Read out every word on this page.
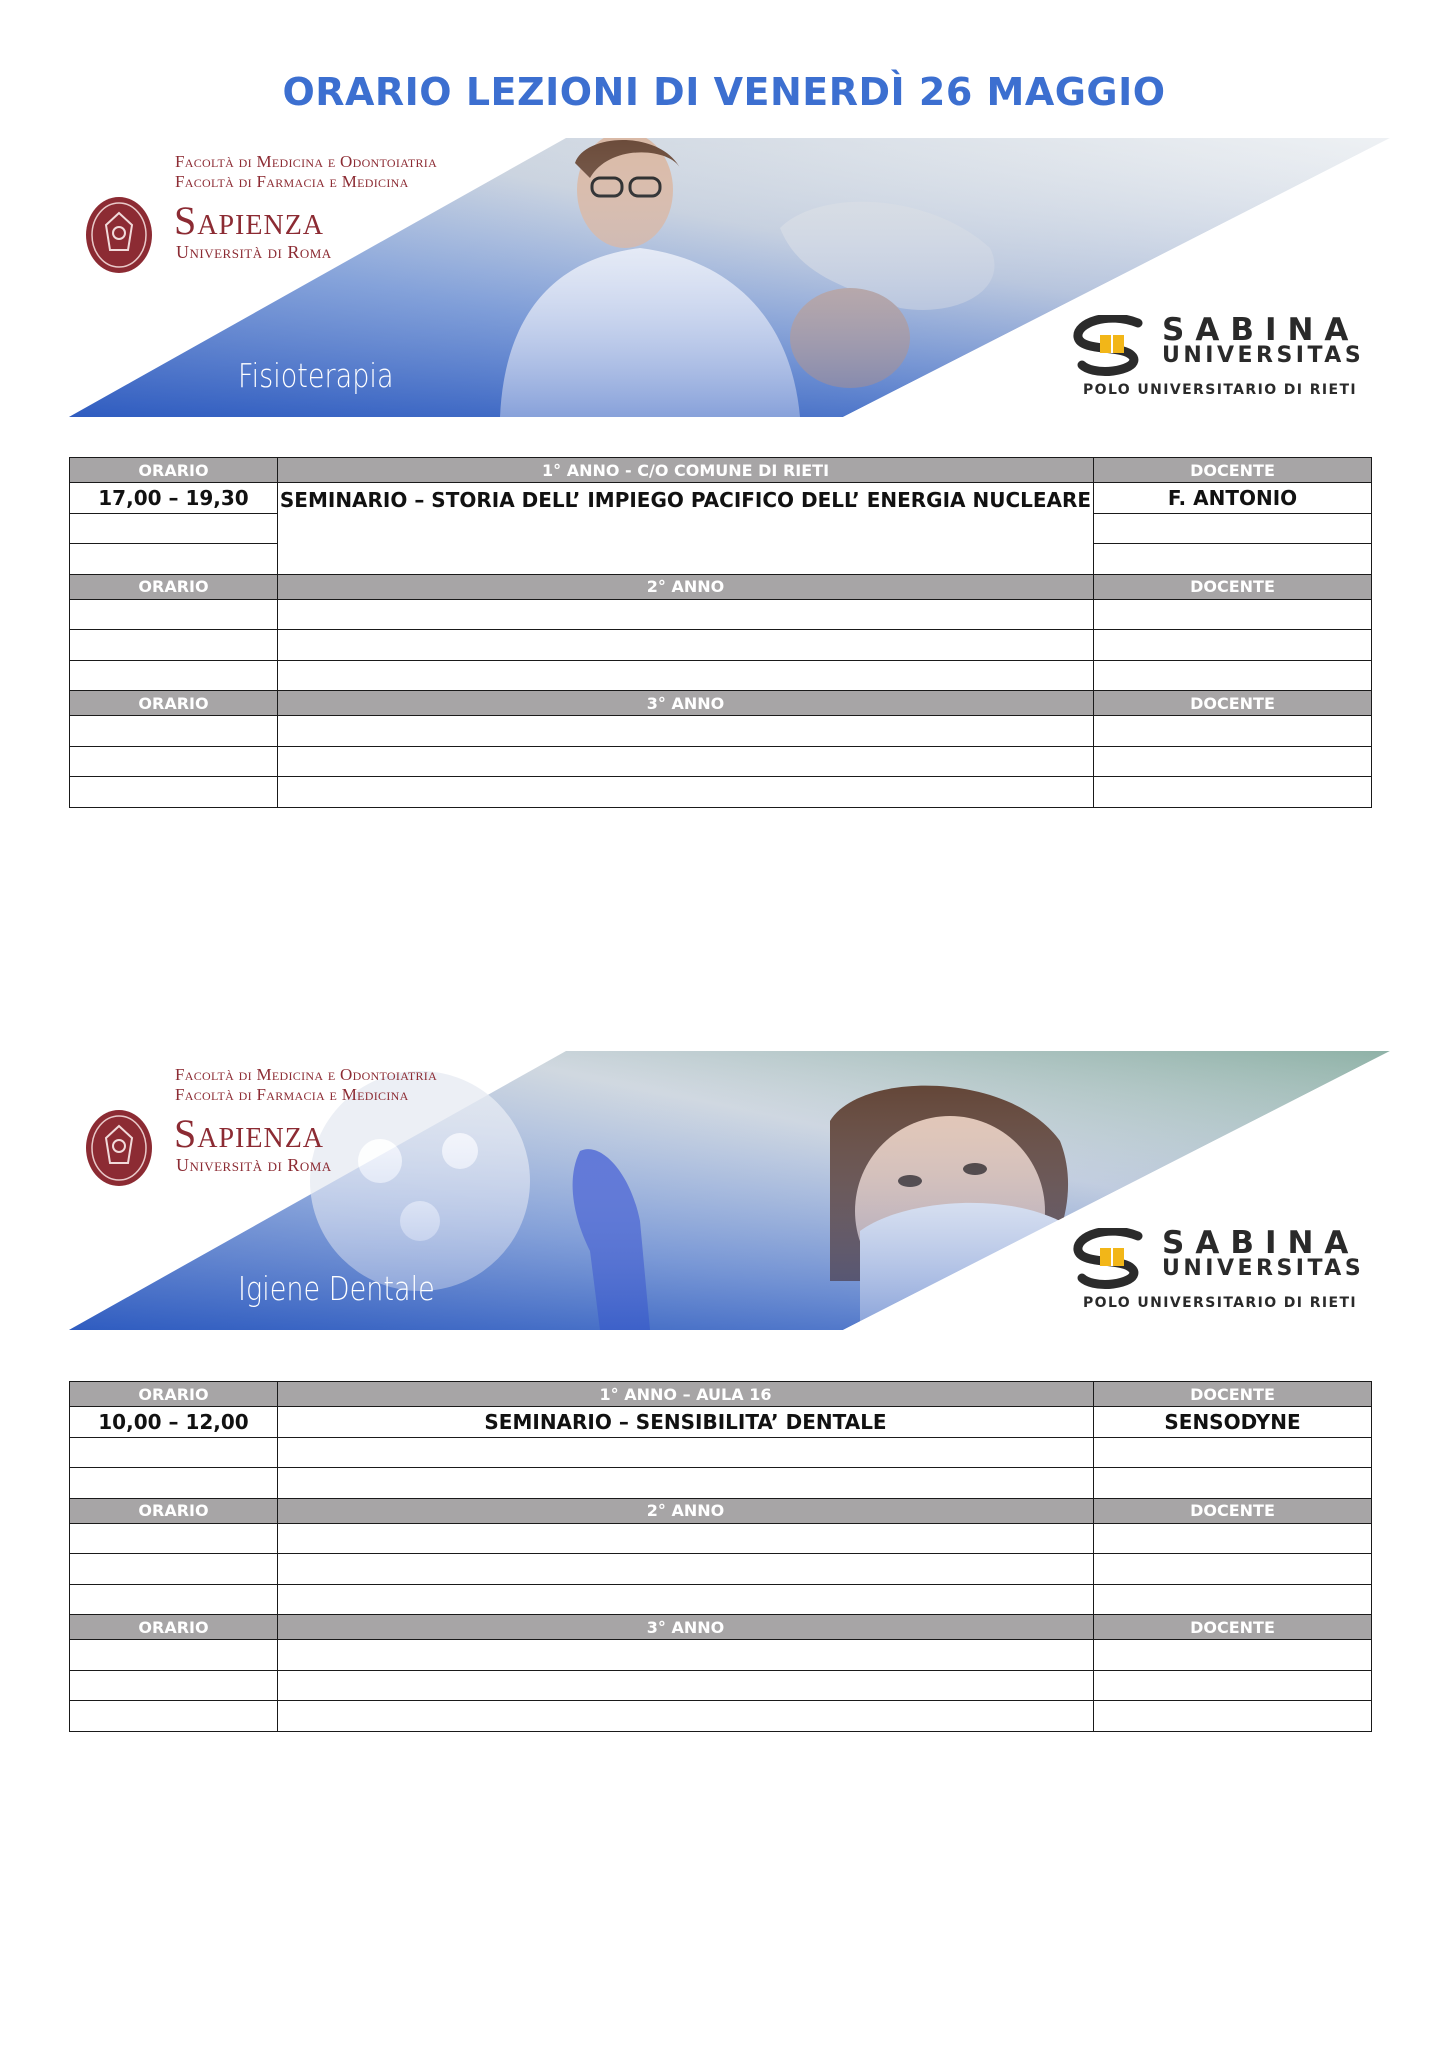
ORARIO LEZIONI DI VENERDÌ 26 MAGGIO
Facoltà di Medicina e Odontoiatria
Facoltà di Farmacia e Medicina
Sapienza
Università di Roma
Fisioterapia
SABINA
UNIVERSITAS
POLO UNIVERSITARIO DI RIETI
ORARIO	1° ANNO - C/O COMUNE DI RIETI	DOCENTE
17,00 – 19,30	SEMINARIO – STORIA DELL’ IMPIEGO PACIFICO DELL’ ENERGIA NUCLEARE	F. ANTONIO

ORARIO	2° ANNO	DOCENTE

ORARIO	3° ANNO	DOCENTE

Facoltà di Medicina e Odontoiatria
Facoltà di Farmacia e Medicina
Sapienza
Università di Roma
Igiene Dentale
SABINA
UNIVERSITAS
POLO UNIVERSITARIO DI RIETI
ORARIO	1° ANNO – AULA 16	DOCENTE
10,00 – 12,00	SEMINARIO – SENSIBILITA’ DENTALE	SENSODYNE

ORARIO	2° ANNO	DOCENTE

ORARIO	3° ANNO	DOCENTE
